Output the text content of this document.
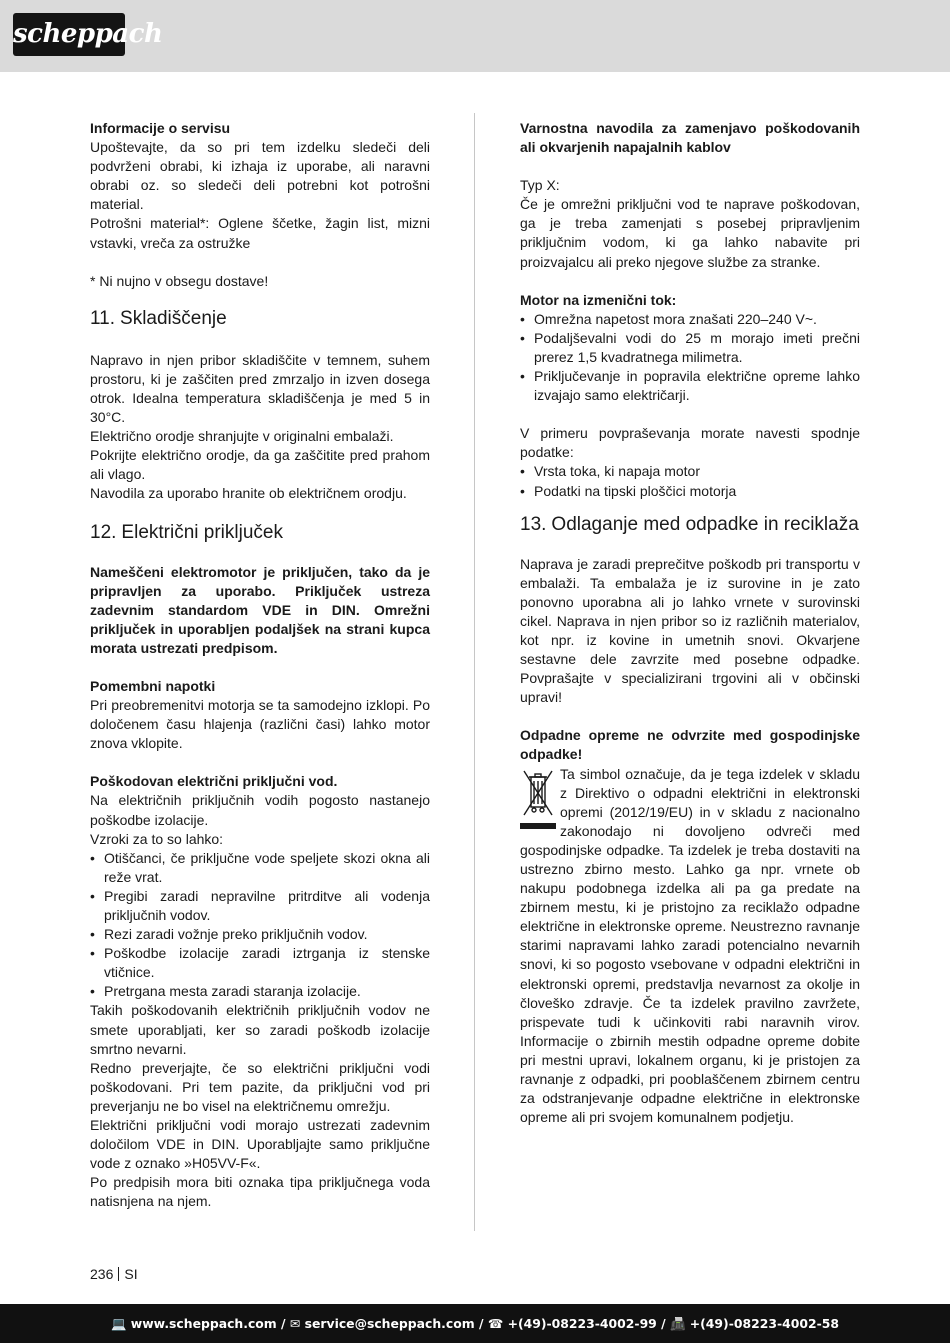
scheppach

Informacije o servisu

Upoštevajte, da so pri tem izdelku sledeči deli podvrženi obrabi, ki izhaja iz uporabe, ali naravni obrabi oz. so sledeči deli potrebni kot potrošni material.

Potrošni material*: Oglene ščetke, žagin list, mizni vstavki, vreča za ostružke

* Ni nujno v obsegu dostave!

11. Skladiščenje

Napravo in njen pribor skladiščite v temnem, suhem prostoru, ki je zaščiten pred zmrzaljo in izven dosega otrok. Idealna temperatura skladiščenja je med 5 in 30°C.

Električno orodje shranjujte v originalni embalaži.

Pokrijte električno orodje, da ga zaščitite pred prahom ali vlago.

Navodila za uporabo hranite ob električnem orodju.

12. Električni priključek

Nameščeni elektromotor je priključen, tako da je pripravljen za uporabo. Priključek ustreza zadevnim standardom VDE in DIN. Omrežni priključek in uporabljen podaljšek na strani kupca morata ustrezati predpisom.

Pomembni napotki

Pri preobremenitvi motorja se ta samodejno izklopi. Po določenem času hlajenja (različni časi) lahko motor znova vklopite.

Poškodovan električni priključni vod.

Na električnih priključnih vodih pogosto nastanejo poškodbe izolacije.

Vzroki za to so lahko:

• Otiščanci, če priključne vode speljete skozi okna ali reže vrat.
• Pregibi zaradi nepravilne pritrditve ali vodenja priključnih vodov.
• Rezi zaradi vožnje preko priključnih vodov.
• Poškodbe izolacije zaradi iztrganja iz stenske vtičnice.
• Pretrgana mesta zaradi staranja izolacije.

Takih poškodovanih električnih priključnih vodov ne smete uporabljati, ker so zaradi poškodb izolacije smrtno nevarni.

Redno preverjajte, če so električni priključni vodi poškodovani. Pri tem pazite, da priključni vod pri preverjanju ne bo visel na električnemu omrežju.

Električni priključni vodi morajo ustrezati zadevnim določilom VDE in DIN. Uporabljajte samo priključne vode z oznako »H05VV-F«.

Po predpisih mora biti oznaka tipa priključnega voda natisnjena na njem.

Varnostna navodila za zamenjavo poškodovanih ali okvarjenih napajalnih kablov

Typ X:

Če je omrežni priključni vod te naprave poškodovan, ga je treba zamenjati s posebej pripravljenim priključnim vodom, ki ga lahko nabavite pri proizvajalcu ali preko njegove službe za stranke.

Motor na izmenični tok:

• Omrežna napetost mora znašati 220–240 V~.
• Podaljševalni vodi do 25 m morajo imeti prečni prerez 1,5 kvadratnega milimetra.
• Priključevanje in popravila električne opreme lahko izvajajo samo električarji.

V primeru povpraševanja morate navesti spodnje podatke:

• Vrsta toka, ki napaja motor
• Podatki na tipski ploščici motorja
13. Odlaganje med odpadke in reciklaža

Naprava je zaradi preprečitve poškodb pri transportu v embalaži. Ta embalaža je iz surovine in je zato ponovno uporabna ali jo lahko vrnete v surovinski cikel. Naprava in njen pribor so iz različnih materialov, kot npr. iz kovine in umetnih snovi. Okvarjene sestavne dele zavrzite med posebne odpadke. Povprašajte v specializirani trgovini ali v občinski upravi!

Odpadne opreme ne odvrzite med gospodinjske odpadke!

Ta simbol označuje, da je tega izdelek v skladu z Direktivo o odpadni električni in elektronski opremi (2012/19/EU) in v skladu z nacionalno zakonodajo ni dovoljeno odvreči med gospodinjske odpadke. Ta izdelek je treba dostaviti na ustrezno zbirno mesto. Lahko ga npr. vrnete ob nakupu podobnega izdelka ali pa ga predate na zbirnem mestu, ki je pristojno za reciklažo odpadne električne in elektronske opreme. Neustrezno ravnanje starimi napravami lahko zaradi potencialno nevarnih snovi, ki so pogosto vsebovane v odpadni električni in elektronski opremi, predstavlja nevarnost za okolje in človeško zdravje. Če ta izdelek pravilno zavržete, prispevate tudi k učinkoviti rabi naravnih virov. Informacije o zbirnih mestih odpadne opreme dobite pri mestni upravi, lokalnem organu, ki je pristojen za ravnanje z odpadki, pri pooblaščenem zbirnem centru za odstranjevanje odpadne električne in elektronske opreme ali pri svojem komunalnem podjetju.

236 SI
💻 www.scheppach.com / ✉ service@scheppach.com / ☎ +(49)-08223-4002-99 / 📠 +(49)-08223-4002-58
